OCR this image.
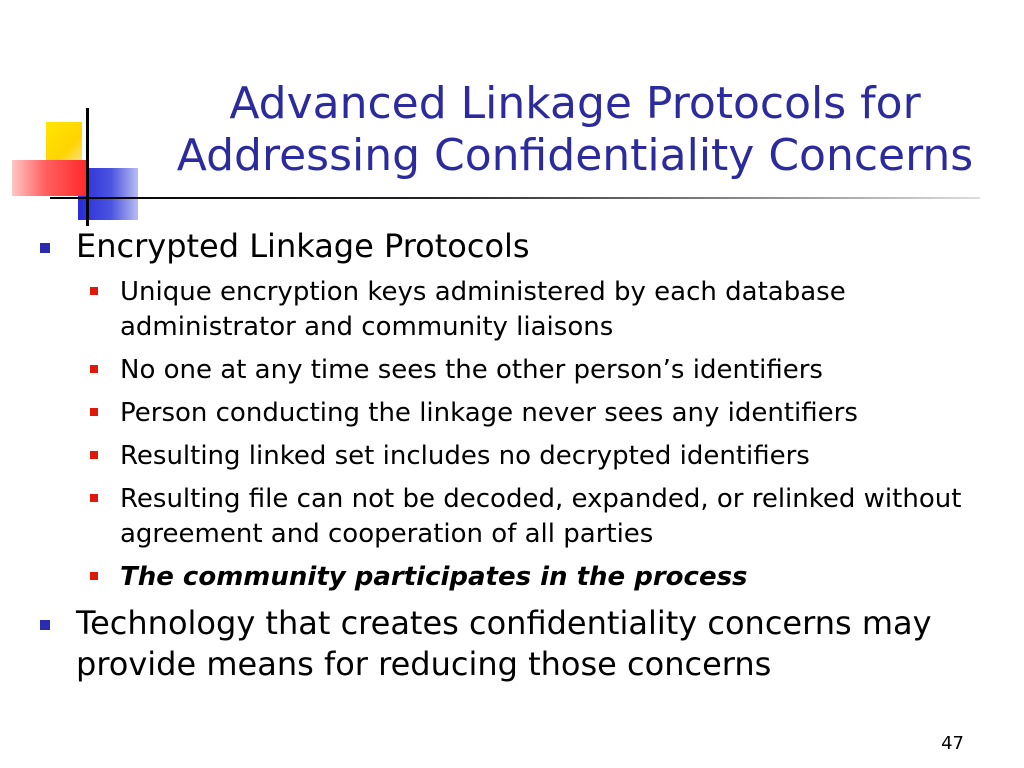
Advanced Linkage Protocols for
Addressing Confidentiality Concerns
Encrypted Linkage Protocols
Unique encryption keys administered by each database administrator and community liaisons
No one at any time sees the other person’s identifiers
Person conducting the linkage never sees any identifiers
Resulting linked set includes no decrypted identifiers
Resulting file can not be decoded, expanded, or relinked without agreement and cooperation of all parties
The community participates in the process
Technology that creates confidentiality concerns may provide means for reducing those concerns
47
